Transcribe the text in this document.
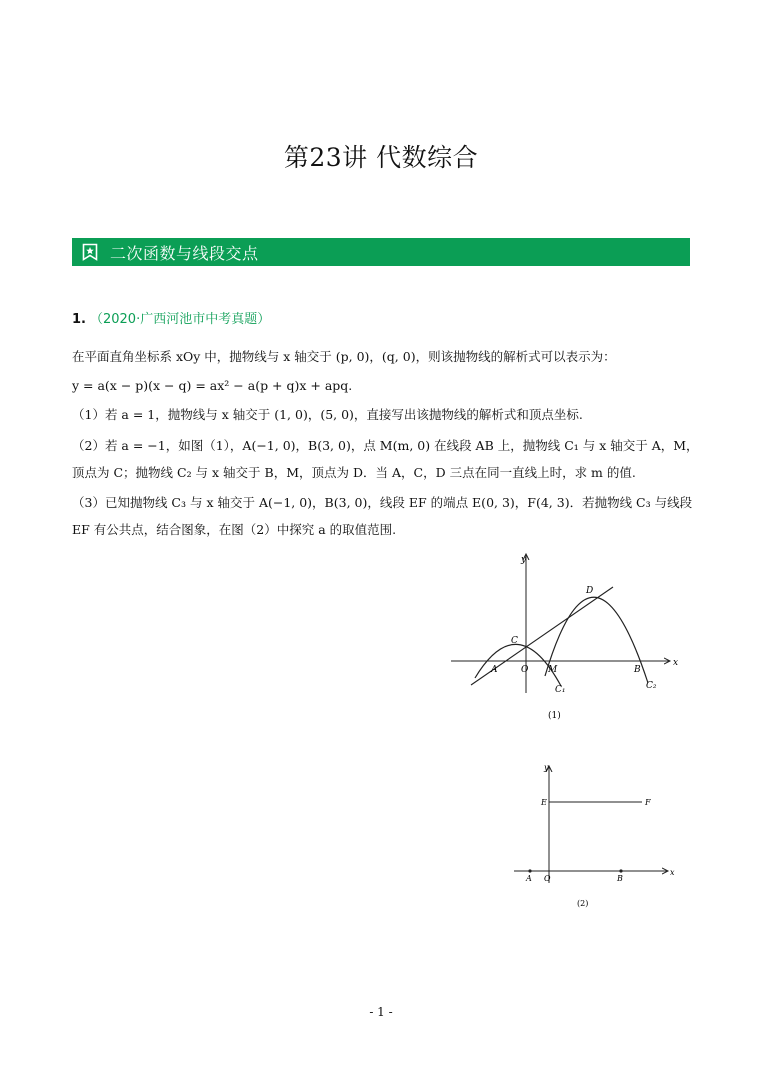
第23讲 代数综合
二次函数与线段交点
1. （2020·广西河池市中考真题）
在平面直角坐标系 xOy 中，抛物线与 x 轴交于 (p, 0)，(q, 0)，则该抛物线的解析式可以表示为：
y = a(x − p)(x − q) = ax² − a(p + q)x + apq.
（1）若 a = 1，抛物线与 x 轴交于 (1, 0)，(5, 0)，直接写出该抛物线的解析式和顶点坐标.
（2）若 a = −1，如图（1），A(−1, 0)，B(3, 0)，点 M(m, 0) 在线段 AB 上，抛物线 C₁ 与 x 轴交于 A，M，
顶点为 C；抛物线 C₂ 与 x 轴交于 B，M，顶点为 D．当 A，C，D 三点在同一直线上时，求 m 的值.
（3）已知抛物线 C₃ 与 x 轴交于 A(−1, 0)，B(3, 0)，线段 EF 的端点 E(0, 3)，F(4, 3)．若抛物线 C₃ 与线段
EF 有公共点，结合图象，在图（2）中探究 a 的取值范围.
y
x
O
A	M	B
C
D
C₁	C₂
(1)
y
x
E	F
A O	B
(2)
- 1 -
